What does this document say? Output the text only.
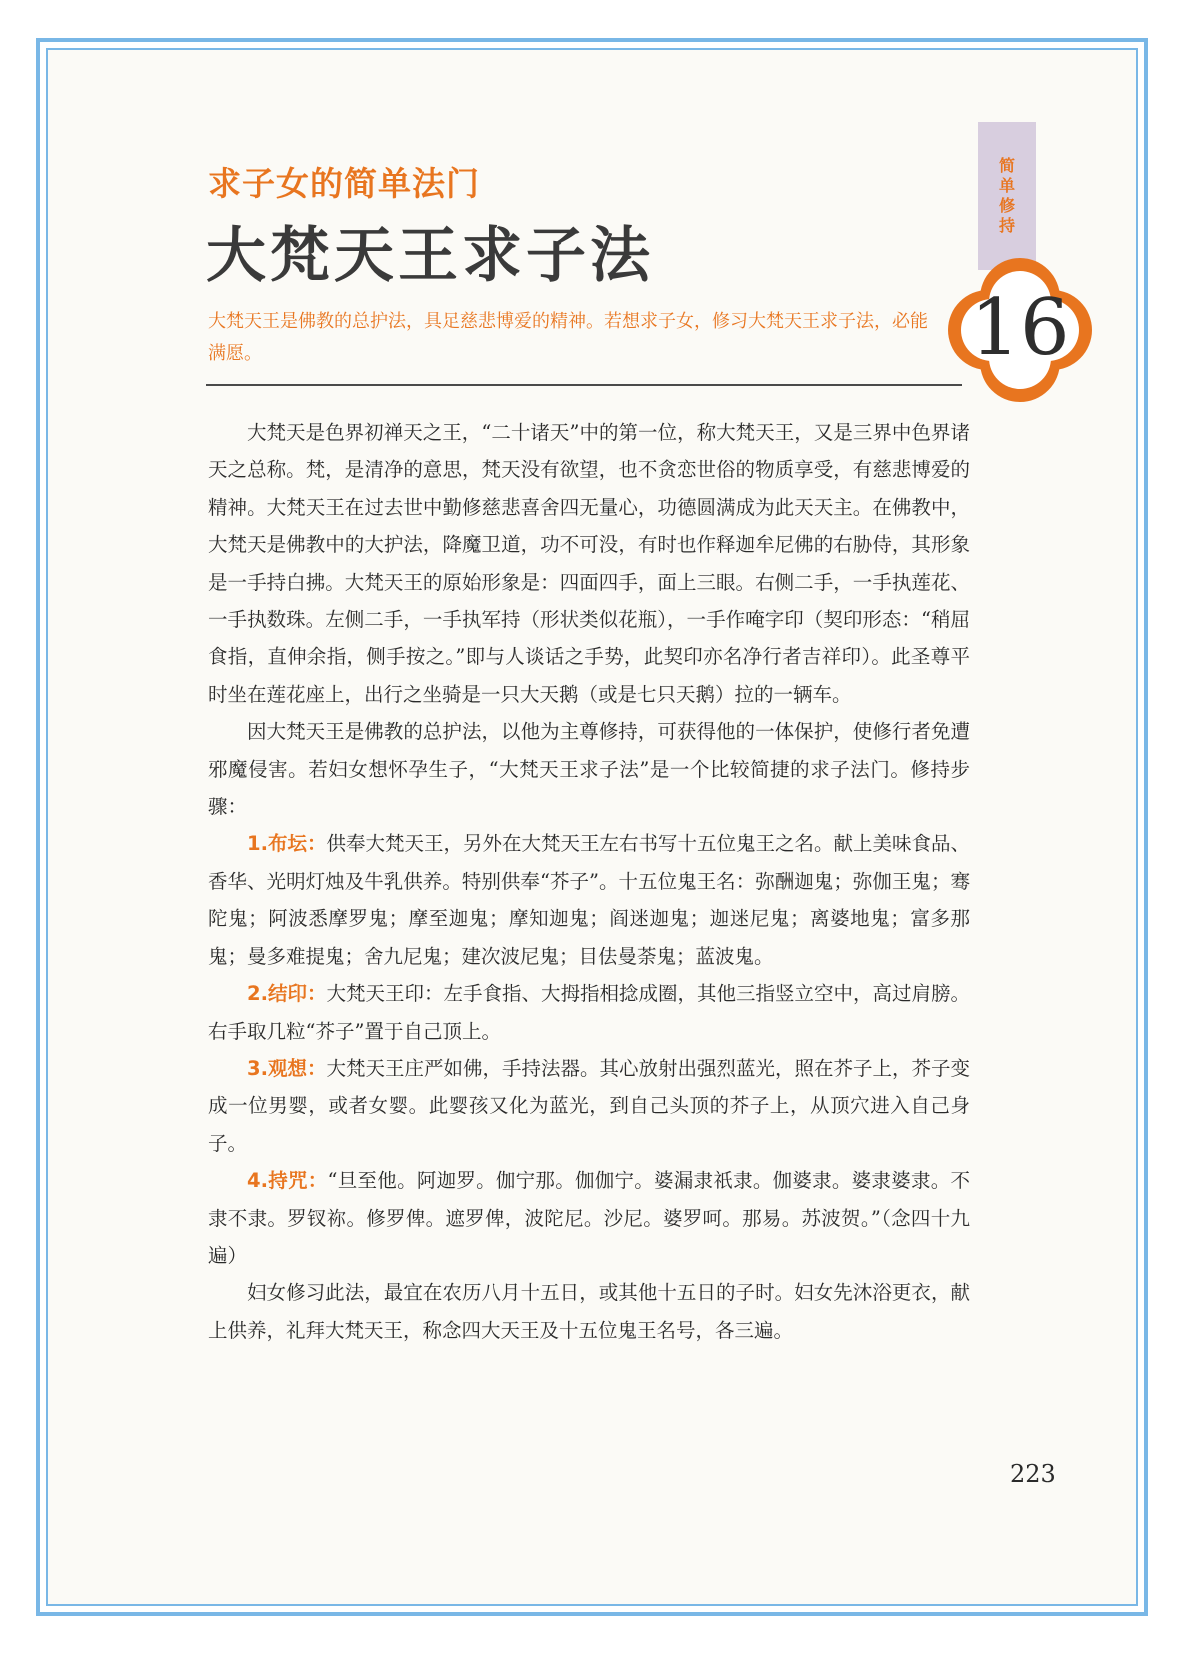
求子女的简单法门
大梵天王求子法
简单修持
16
大梵天王是佛教的总护法，具足慈悲博爱的精神。若想求子女，修习大梵天王求子法，必能满愿。

大梵天是色界初禅天之王，“二十诸天”中的第一位，称大梵天王，又是三界中色界诸天之总称。梵，是清净的意思，梵天没有欲望，也不贪恋世俗的物质享受，有慈悲博爱的精神。大梵天王在过去世中勤修慈悲喜舍四无量心，功德圆满成为此天天主。在佛教中，大梵天是佛教中的大护法，降魔卫道，功不可没，有时也作释迦牟尼佛的右胁侍，其形象是一手持白拂。大梵天王的原始形象是：四面四手，面上三眼。右侧二手，一手执莲花、一手执数珠。左侧二手，一手执军持（形状类似花瓶），一手作唵字印（契印形态：“稍屈食指，直伸余指，侧手按之。”即与人谈话之手势，此契印亦名净行者吉祥印）。此圣尊平时坐在莲花座上，出行之坐骑是一只大天鹅（或是七只天鹅）拉的一辆车。

因大梵天王是佛教的总护法，以他为主尊修持，可获得他的一体保护，使修行者免遭邪魔侵害。若妇女想怀孕生子，“大梵天王求子法”是一个比较简捷的求子法门。修持步骤：

1.布坛：供奉大梵天王，另外在大梵天王左右书写十五位鬼王之名。献上美味食品、香华、光明灯烛及牛乳供养。特别供奉“芥子”。十五位鬼王名：弥酬迦鬼；弥伽王鬼；骞陀鬼；阿波悉摩罗鬼；摩至迦鬼；摩知迦鬼；阎迷迦鬼；迦迷尼鬼；离婆地鬼；富多那鬼；曼多难提鬼；舍九尼鬼；建次波尼鬼；目佉曼荼鬼；蓝波鬼。

2.结印：大梵天王印：左手食指、大拇指相捻成圈，其他三指竖立空中，高过肩膀。右手取几粒“芥子”置于自己顶上。

3.观想：大梵天王庄严如佛，手持法器。其心放射出强烈蓝光，照在芥子上，芥子变成一位男婴，或者女婴。此婴孩又化为蓝光，到自己头顶的芥子上，从顶穴进入自己身子。

4.持咒：“旦至他。阿迦罗。伽宁那。伽伽宁。婆漏隶祇隶。伽婆隶。婆隶婆隶。不隶不隶。罗钗祢。修罗俾。遮罗俾，波陀尼。沙尼。婆罗呵。那易。苏波贺。”（念四十九遍）

妇女修习此法，最宜在农历八月十五日，或其他十五日的子时。妇女先沐浴更衣，献上供养，礼拜大梵天王，称念四大天王及十五位鬼王名号，各三遍。

223
